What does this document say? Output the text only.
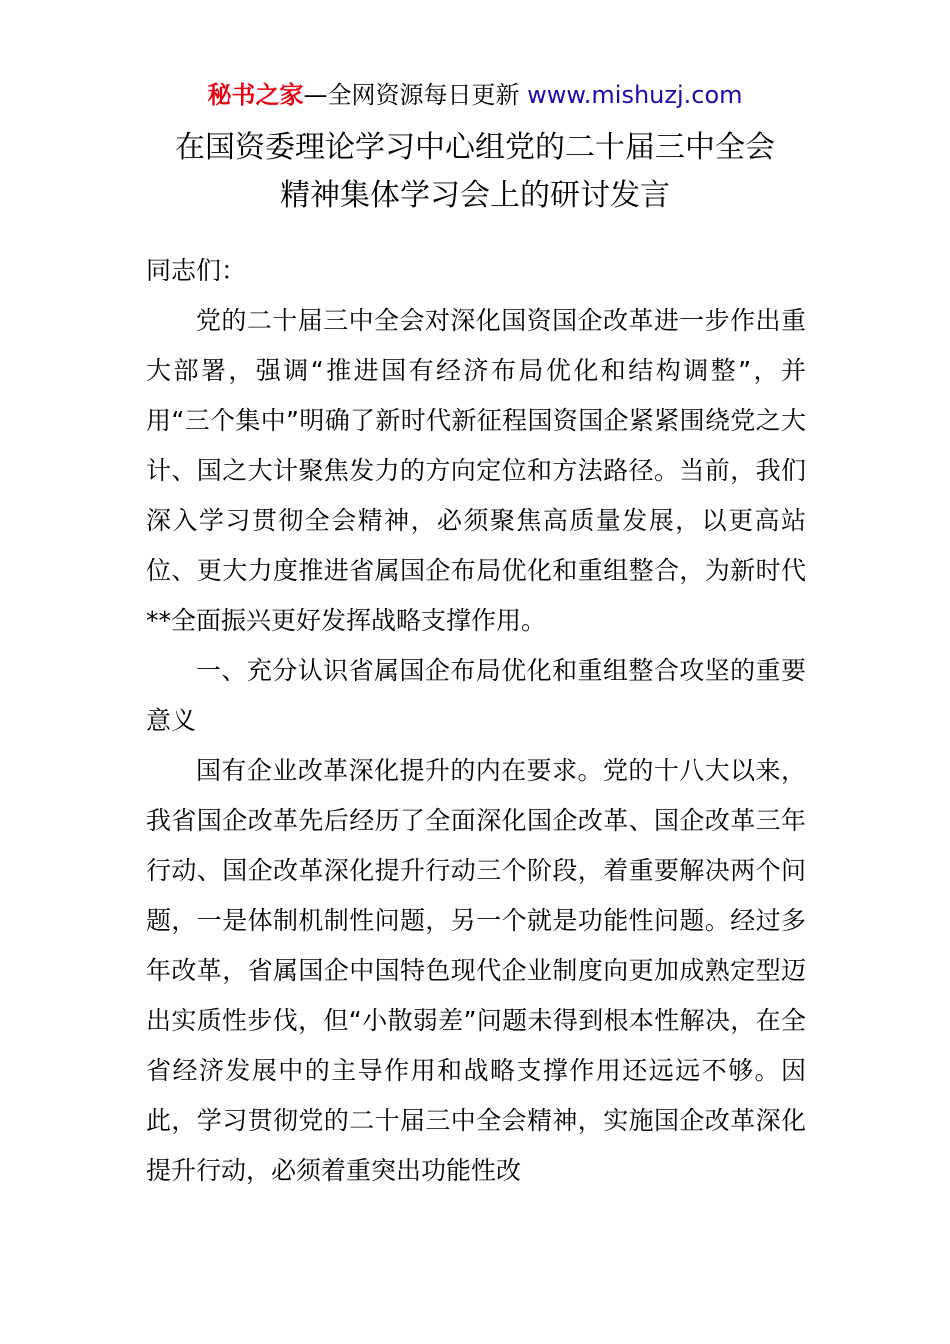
秘书之家—全网资源每日更新 www.mishuzj.com
在国资委理论学习中心组党的二十届三中全会
精神集体学习会上的研讨发言

同志们：

党的二十届三中全会对深化国资国企改革进一步作出重大部署，强调“推进国有经济布局优化和结构调整”，并用“三个集中”明确了新时代新征程国资国企紧紧围绕党之大计、国之大计聚焦发力的方向定位和方法路径。当前，我们深入学习贯彻全会精神，必须聚焦高质量发展，以更高站位、更大力度推进省属国企布局优化和重组整合，为新时代**全面振兴更好发挥战略支撑作用。

一、充分认识省属国企布局优化和重组整合攻坚的重要意义

国有企业改革深化提升的内在要求。党的十八大以来，我省国企改革先后经历了全面深化国企改革、国企改革三年行动、国企改革深化提升行动三个阶段，着重要解决两个问题，一是体制机制性问题，另一个就是功能性问题。经过多年改革，省属国企中国特色现代企业制度向更加成熟定型迈出实质性步伐，但“小散弱差”问题未得到根本性解决，在全省经济发展中的主导作用和战略支撑作用还远远不够。因此，学习贯彻党的二十届三中全会精神，实施国企改革深化提升行动，必须着重突出功能性改
